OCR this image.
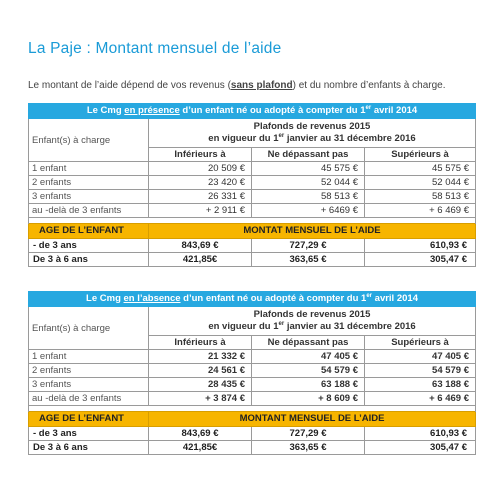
La Paje : Montant mensuel de l’aide
Le montant de l’aide dépend de vos revenus (sans plafond) et du nombre d’enfants à charge.
Le Cmg en présence d’un enfant né ou adopté à compter du 1er avril 2014			
Enfant(s) à charge	Plafonds de revenus 2015
en vigueur du 1er janvier au 31 décembre 2016		

	Inférieurs à	Ne dépassant pas	Supérieurs à
1 enfant	20 509 €	45 575 €	45 575 €
2 enfants	23 420 €	52 044 €	52 044 €
3 enfants	26 331 €	58 513 €	58 513 €
au -delà de 3 enfants	+ 2 911 €	+ 6469 €	+ 6 469 €

AGE DE L’ENFANT	MONTAT MENSUEL DE L’AIDE		
- de 3 ans	843,69 €	727,29 €	610,93 €
De 3 à 6 ans	421,85€	363,65 €	305,47 €
Le Cmg en l’absence d’un enfant né ou adopté à compter du 1er avril 2014			
Enfant(s) à charge	Plafonds de revenus 2015
en vigueur du 1er janvier au 31 décembre 2016		

	Inférieurs à	Ne dépassant pas	Supérieurs à
1 enfant	21 332 €	47 405 €	47 405 €
2 enfants	24 561 €	54 579 €	54 579 €
3 enfants	28 435 €	63 188 €	63 188 €
au -delà de 3 enfants	+ 3 874 €	+ 8 609 €	+ 6 469 €

AGE DE L’ENFANT	MONTANT MENSUEL DE L’AIDE		
- de 3 ans	843,69 €	727,29 €	610,93 €
De 3 à 6 ans	421,85€	363,65 €	305,47 €
